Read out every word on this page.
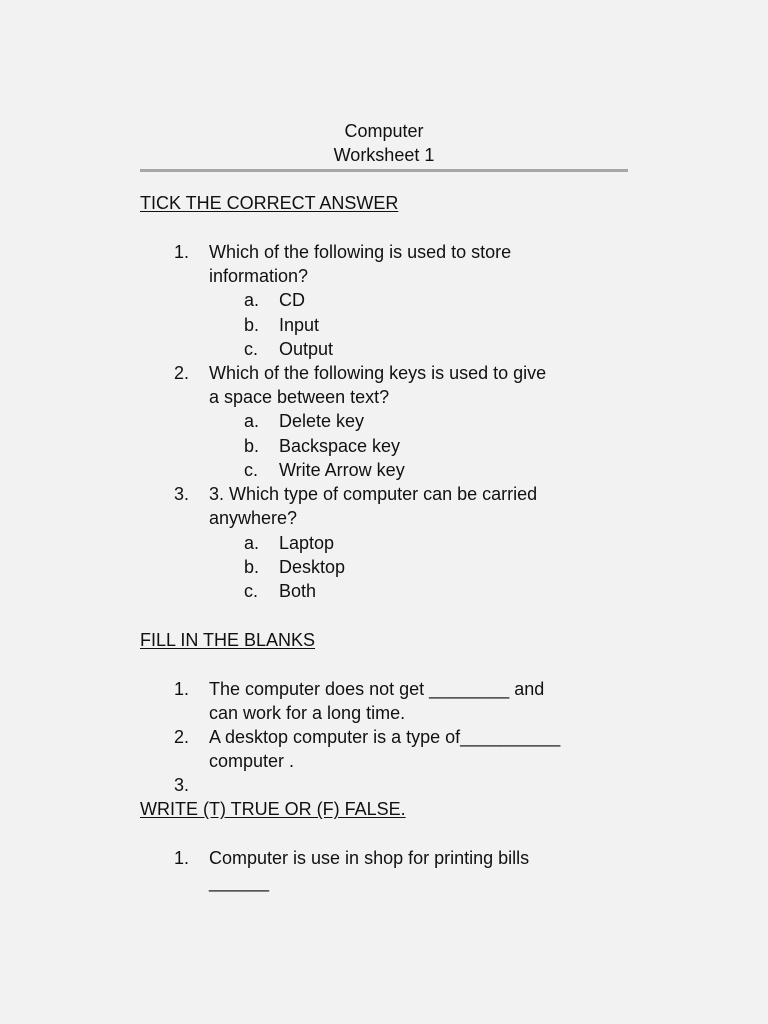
Computer
Worksheet 1
TICK THE CORRECT ANSWER
1. Which of the following is used to store
information?
a. CD
b. Input
c. Output
2. Which of the following keys is used to give
a space between text?
a. Delete key
b. Backspace key
c. Write Arrow key
3. 3. Which type of computer can be carried
anywhere?
a. Laptop
b. Desktop
c. Both
FILL IN THE BLANKS
1. The computer does not get ________ and
can work for a long time.
2. A desktop computer is a type of__________
computer .
3.
WRITE (T) TRUE OR (F) FALSE.
1. Computer is use in shop for printing bills
______
